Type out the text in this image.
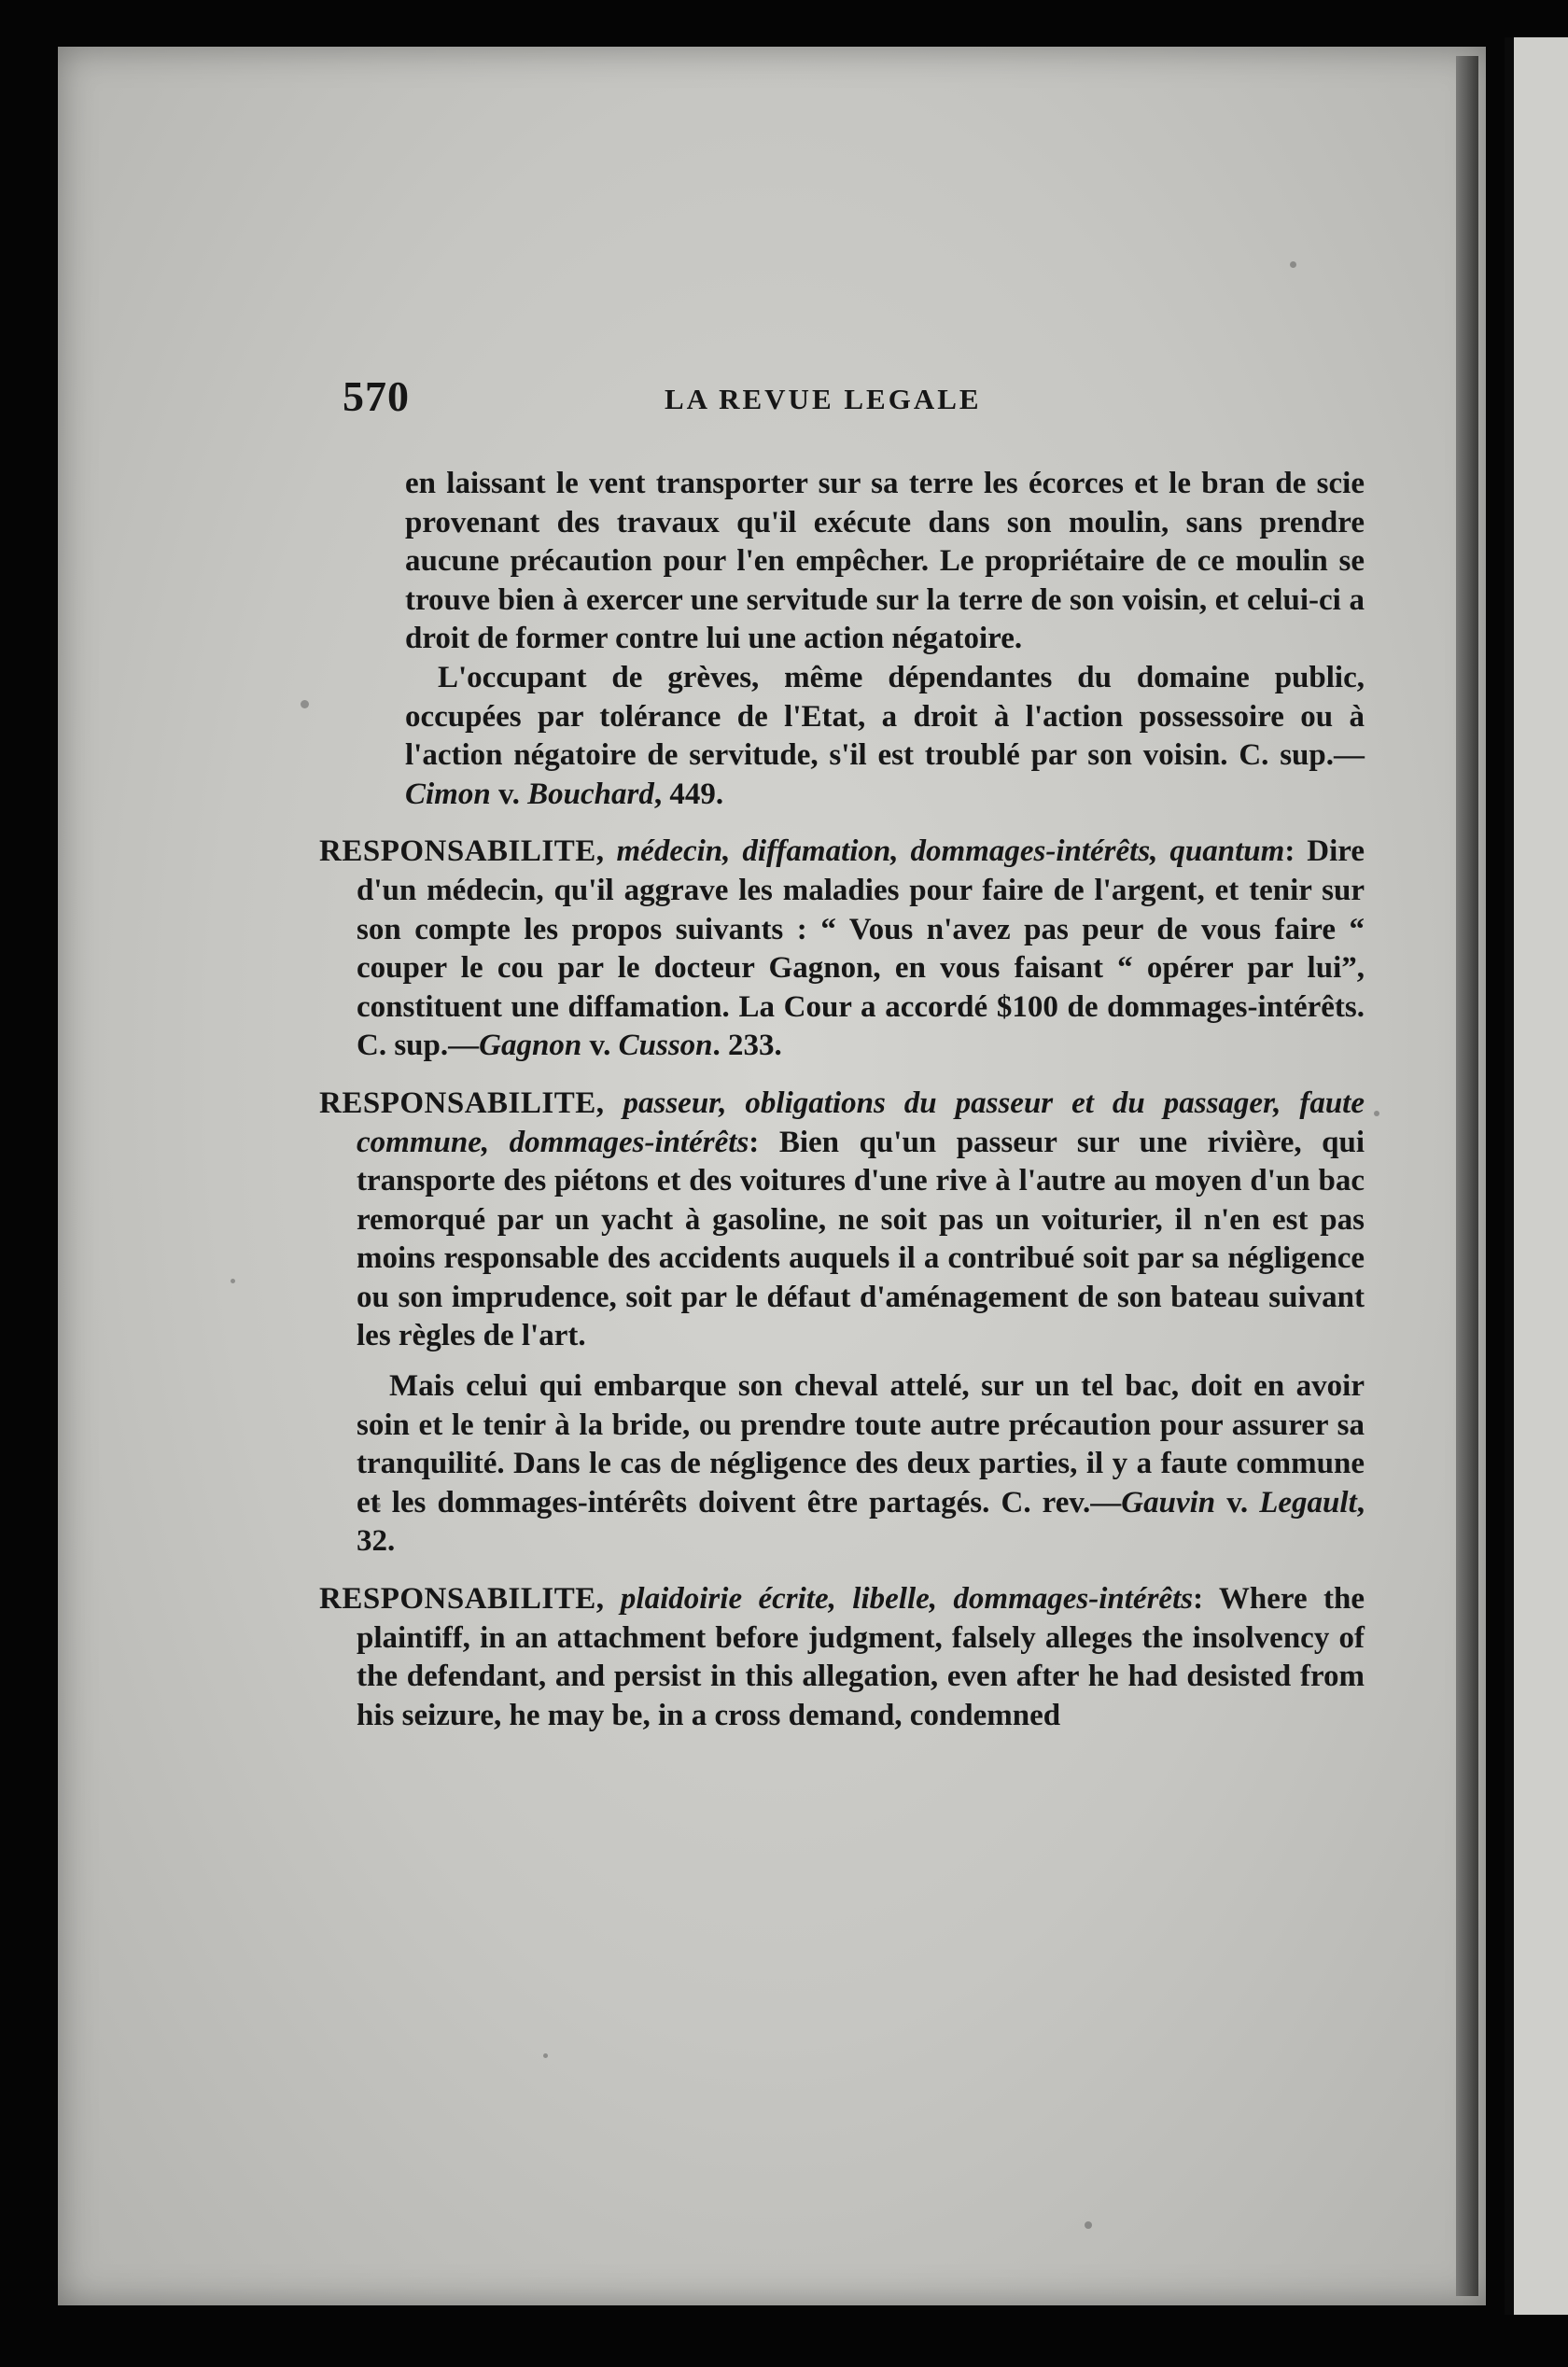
570	LA REVUE LEGALE

en laissant le vent transporter sur sa terre les écorces et le bran de scie provenant des travaux qu'il exécute dans son moulin, sans prendre aucune précaution pour l'en empêcher. Le propriétaire de ce moulin se trouve bien à exercer une servitude sur la terre de son voisin, et celui-ci a droit de former contre lui une action négatoire.

L'occupant de grèves, même dépendantes du domaine public, occupées par tolérance de l'Etat, a droit à l'action possessoire ou à l'action négatoire de servitude, s'il est troublé par son voisin. C. sup.—Cimon v. Bouchard, 449.

RESPONSABILITE, médecin, diffamation, dommages-intérêts, quantum: Dire d'un médecin, qu'il aggrave les maladies pour faire de l'argent, et tenir sur son compte les propos suivants : “ Vous n'avez pas peur de vous faire “ couper le cou par le docteur Gagnon, en vous faisant “ opérer par lui”, constituent une diffamation. La Cour a accordé $100 de dommages-intérêts. C. sup.—Gagnon v. Cusson. 233.

RESPONSABILITE, passeur, obligations du passeur et du passager, faute commune, dommages-intérêts: Bien qu'un passeur sur une rivière, qui transporte des piétons et des voitures d'une rive à l'autre au moyen d'un bac remorqué par un yacht à gasoline, ne soit pas un voiturier, il n'en est pas moins responsable des accidents auquels il a contribué soit par sa négligence ou son imprudence, soit par le défaut d'aménagement de son bateau suivant les règles de l'art.

Mais celui qui embarque son cheval attelé, sur un tel bac, doit en avoir soin et le tenir à la bride, ou prendre toute autre précaution pour assurer sa tranquilité. Dans le cas de négligence des deux parties, il y a faute commune et les dommages-intérêts doivent être partagés. C. rev.—Gauvin v. Legault, 32.

RESPONSABILITE, plaidoirie écrite, libelle, dommages-intérêts: Where the plaintiff, in an attachment before judgment, falsely alleges the insolvency of the defendant, and persist in this allegation, even after he had desisted from his seizure, he may be, in a cross demand, condemned
